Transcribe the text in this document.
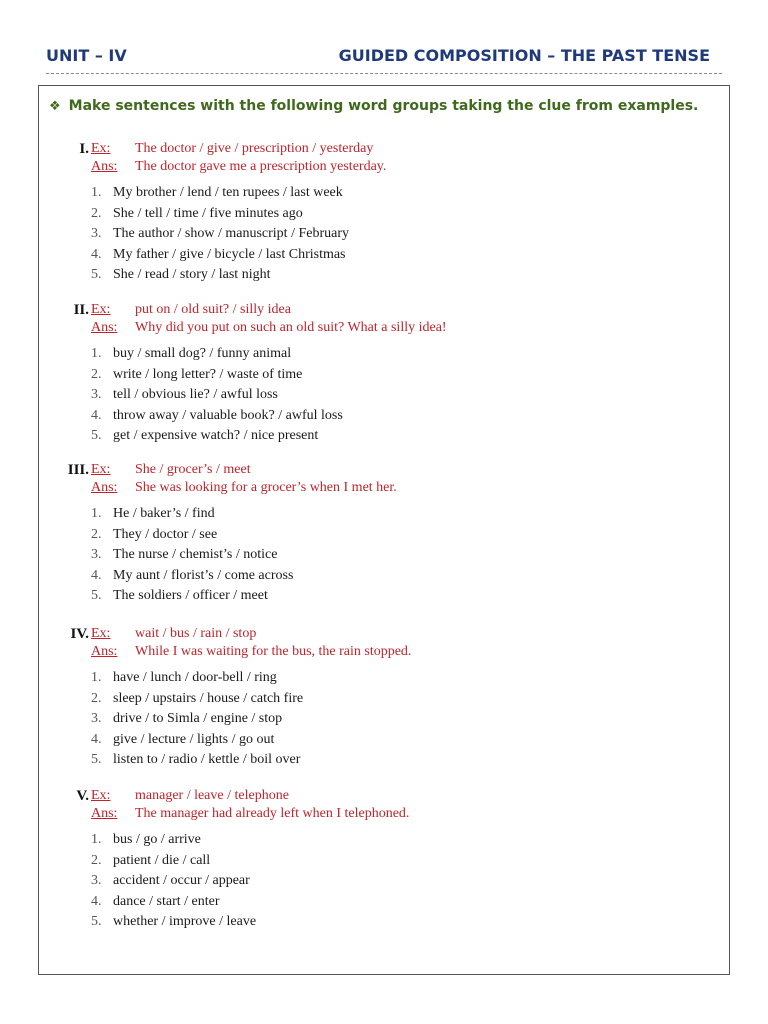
UNIT – IV	GUIDED COMPOSITION – THE PAST TENSE
❖ Make sentences with the following word groups taking the clue from examples.
I. Ex: The doctor / give / prescription / yesterday
Ans: The doctor gave me a prescription yesterday.
1. My brother / lend / ten rupees / last week
2. She / tell / time / five minutes ago
3. The author / show / manuscript / February
4. My father / give / bicycle / last Christmas
5. She / read / story / last night
II. Ex: put on / old suit? / silly idea
Ans: Why did you put on such an old suit? What a silly idea!
1. buy / small dog? / funny animal
2. write / long letter? / waste of time
3. tell / obvious lie? / awful loss
4. throw away / valuable book? / awful loss
5. get / expensive watch? / nice present
III. Ex: She / grocer’s / meet
Ans: She was looking for a grocer’s when I met her.
1. He / baker’s / find
2. They / doctor / see
3. The nurse / chemist’s / notice
4. My aunt / florist’s / come across
5. The soldiers / officer / meet
IV. Ex: wait / bus / rain / stop
Ans: While I was waiting for the bus, the rain stopped.
1. have / lunch / door-bell / ring
2. sleep / upstairs / house / catch fire
3. drive / to Simla / engine / stop
4. give / lecture / lights / go out
5. listen to / radio / kettle / boil over
V. Ex: manager / leave / telephone
Ans: The manager had already left when I telephoned.
1. bus / go / arrive
2. patient / die / call
3. accident / occur / appear
4. dance / start / enter
5. whether / improve / leave
